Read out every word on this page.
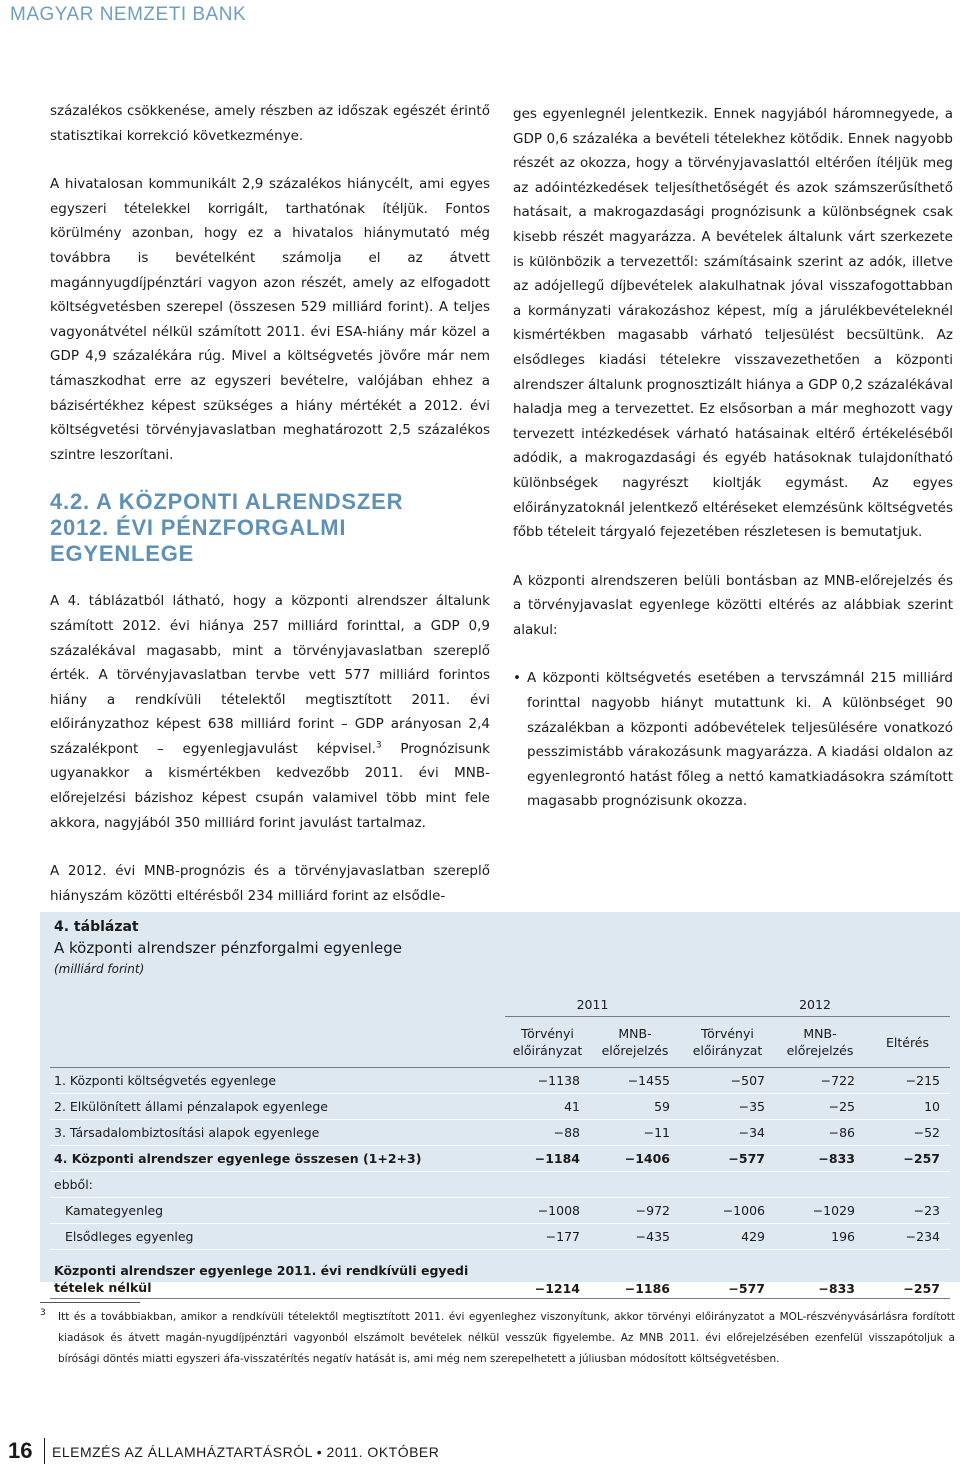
MAGYAR NEMZETI BANK

százalékos csökkenése, amely részben az időszak egészét érintő statisztikai korrekció következménye.

A hivatalosan kommunikált 2,9 százalékos hiánycélt, ami egyes egyszeri tételekkel korrigált, tarthatónak ítéljük. Fontos körülmény azonban, hogy ez a hivatalos hiánymutató még továbbra is bevételként számolja el az átvett magánnyugdíjpénztári vagyon azon részét, amely az elfogadott költségvetésben szerepel (összesen 529 milliárd forint). A teljes vagyonátvétel nélkül számított 2011. évi ESA-hiány már közel a GDP 4,9 százalékára rúg. Mivel a költségvetés jövőre már nem támaszkodhat erre az egyszeri bevételre, valójában ehhez a bázisértékhez képest szükséges a hiány mértékét a 2012. évi költségvetési törvényjavaslatban meghatározott 2,5 százalékos szintre leszorítani.

4.2. A KÖZPONTI ALRENDSZER
2012. ÉVI PÉNZFORGALMI EGYENLEGE

A 4. táblázatból látható, hogy a központi alrendszer általunk számított 2012. évi hiánya 257 milliárd forinttal, a GDP 0,9 százalékával magasabb, mint a törvényjavaslatban szereplő érték. A törvényjavaslatban tervbe vett 577 milliárd forintos hiány a rendkívüli tételektől megtisztított 2011. évi előirányzathoz képest 638 milliárd forint – GDP arányosan 2,4 százalékpont – egyenlegjavulást képvisel.$^3$ Prognózisunk ugyanakkor a kismértékben kedvezőbb 2011. évi MNB-előrejelzési bázishoz képest csupán valamivel több mint fele akkora, nagyjából 350 milliárd forint javulást tartalmaz.

A 2012. évi MNB-prognózis és a törvényjavaslatban szereplő hiányszám közötti eltérésből 234 milliárd forint az elsődle-

ges egyenlegnél jelentkezik. Ennek nagyjából háromnegyede, a GDP 0,6 százaléka a bevételi tételekhez kötődik. Ennek nagyobb részét az okozza, hogy a törvényjavaslattól eltérően ítéljük meg az adóintézkedések teljesíthetőségét és azok számszerűsíthető hatásait, a makrogazdasági prognózisunk a különbségnek csak kisebb részét magyarázza. A bevételek általunk várt szerkezete is különbözik a tervezettől: számításaink szerint az adók, illetve az adójellegű díjbevételek alakulhatnak jóval visszafogottabban a kormányzati várakozáshoz képest, míg a járulékbevételeknél kismértékben magasabb várható teljesülést becsültünk. Az elsődleges kiadási tételekre visszavezethetően a központi alrendszer általunk prognosztizált hiánya a GDP 0,2 százalékával haladja meg a tervezettet. Ez elsősorban a már meghozott vagy tervezett intézkedések várható hatásainak eltérő értékeléséből adódik, a makrogazdasági és egyéb hatásoknak tulajdonítható különbségek nagyrészt kioltják egymást. Az egyes előirányzatoknál jelentkező eltéréseket elemzésünk költségvetés főbb tételeit tárgyaló fejezetében részletesen is bemutatjuk.

A központi alrendszeren belüli bontásban az MNB-előrejelzés és a törvényjavaslat egyenlege közötti eltérés az alábbiak szerint alakul:

• A központi költségvetés esetében a tervszámnál 215 milliárd forinttal nagyobb hiányt mutattunk ki. A különbséget 90 százalékban a központi adóbevételek teljesülésére vonatkozó pesszimistább várakozásunk magyarázza. A kiadási oldalon az egyenlegrontó hatást főleg a nettó kamatkiadásokra számított magasabb prognózisunk okozza.
4. táblázat
A központi alrendszer pénzforgalmi egyenlege
(milliárd forint)
	2011		2012		
	Törvényi előirányzat	MNB-előrejelzés	Törvényi előirányzat	MNB-előrejelzés	Eltérés
1. Központi költségvetés egyenlege	−1138	−1455	−507	−722	−215
2. Elkülönített állami pénzalapok egyenlege	41	59	−35	−25	10
3. Társadalombiztosítási alapok egyenlege	−88	−11	−34	−86	−52
4. Központi alrendszer egyenlege összesen (1+2+3)	−1184	−1406	−577	−833	−257
ebből:					
Kamategyenleg	−1008	−972	−1006	−1029	−23
Elsődleges egyenleg	−177	−435	429	196	−234
Központi alrendszer egyenlege 2011. évi rendkívüli egyedi tételek nélkül	−1214	−1186	−577	−833	−257
3	Itt és a továbbiakban, amikor a rendkívüli tételektől megtisztított 2011. évi egyenleghez viszonyítunk, akkor törvényi előirányzatot a MOL-részvényvásárlásra fordított kiadások és átvett magán-nyugdíjpénztári vagyonból elszámolt bevételek nélkül vesszük figyelembe. Az MNB 2011. évi előrejelzésében ezenfelül visszapótoljuk a bírósági döntés miatti egyszeri áfa-visszatérítés negatív hatását is, ami még nem szerepelhetett a júliusban módosított költségvetésben.
16 ELEMZÉS AZ ÁLLAMHÁZTARTÁSRÓL • 2011. OKTÓBER
